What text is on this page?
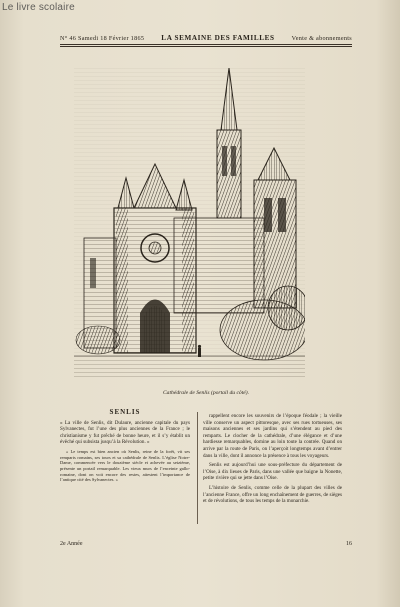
Le livre scolaire
N° 46 Samedi 18 Février 1865 LA SEMAINE DES FAMILLES	Vente & abonnements
Cathédrale de Senlis (portail du côté).
SENLIS

« La ville de Senlis, dit Dulaure, ancienne capitale du pays Sylvanectes, fut l’une des plus anciennes de la France ; le christianisme y fut prêché de bonne heure, et il s’y établit un évêché qui subsista jusqu’à la Révolution. »

« Le temps est bien ancien où Senlis, reine de la forêt, vit ses remparts romains, ses tours et sa cathédrale de Senlis. L’église Notre-Dame, commencée vers le douzième siècle et achevée au seizième, présente un portail remarquable. Les vieux murs de l’enceinte gallo-romaine, dont on voit encore des restes, attestent l’importance de l’antique cité des Sylvanectes. »

rappellent encore les souvenirs de l’époque féodale ; la vieille ville conserve un aspect pittoresque, avec ses rues tortueuses, ses maisons anciennes et ses jardins qui s’étendent au pied des remparts. Le clocher de la cathédrale, d’une élégance et d’une hardiesse remarquables, domine au loin toute la contrée. Quand on arrive par la route de Paris, on l’aperçoit longtemps avant d’entrer dans la ville, dont il annonce la présence à tous les voyageurs.

Senlis est aujourd’hui une sous-préfecture du département de l’Oise, à dix lieues de Paris, dans une vallée que baigne la Nonette, petite rivière qui se jette dans l’Oise.

L’histoire de Senlis, comme celle de la plupart des villes de l’ancienne France, offre un long enchaînement de guerres, de sièges et de révolutions, de tous les temps de la monarchie.

2e Année	16
